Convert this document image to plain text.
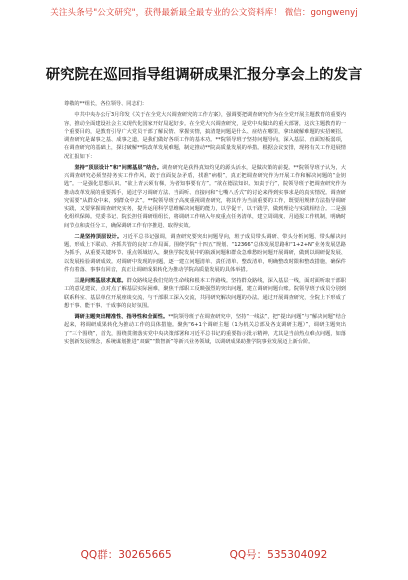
关注头条号"公文研究"，获得最新最全最专业的公文资料库！ 微信：gongwenyj
研究院在巡回指导组调研成果汇报分享会上的发言

尊敬的**组长，各位领导、同志们：

中共中央办公厅3月印发《关于在全党大兴调查研究的工作方案》，强调要把调查研究作为在全党开展主题教育的重要内容，推动全面建设社会主义现代化国家开好局起好步。在全党大兴调查研究，是党中央做出的重大部署，这次主题教育的一个重要目的，是教育引导广大党员干部了解民情、掌握实情，搞清楚问题是什么、症结在哪里，拿出破解难题的实招硬招。调查研究是谋事之基、成事之道，是我们做好各项工作的基本功。**院领导班子坚持问题导向，深入基层、直面短板弱项，在调查研究的基础上，探讨破解**院改革发展难题，制定推动**院高质量发展的举措。根据会议安排，现将有关工作进展情况汇报如下：

坚持“顶层设计”和“问需基层”结合。调查研究是获得真知灼见的源头活水，是做决策的前提。**院领导班子认为，大兴调查研究必须坚持务实工作作风，敢于直面复杂矛盾，找准“病根”，真正把调查研究作为开展工作和解决问题的“金钥匙”。一是强化思想认识。“欲上青云须有梯，为者知事要有方”。“欲在德法知识、知责于行”，院领导班子把调查研究作为推动改革发展的重要抓手，通过学习调研方法、当面听、直接问和“七嘴八舌式”的讨论来得到实事求是的真实情况。调查研究需要“从群众中来，到群众中去”。**院领导班子高度重视调查研究，将其作为当前重要的工作，既要用规律方法指导调研实践，又要掌握调查研究实务，提升运用科学思维解决问题的能力，以学促干，以干践学，做到理论与实践相结合。二是强化组织保障。党委书记、院长担任调研组组长，将调研工作纳入年度重点任务清单，建立周调度、月通报工作机制，明确时间节点和责任分工，确保调研工作有序推进、取得实效。

二是坚持顶层设计。习近平总书记强调，调查研究要突出问题导向，班子成员带头调研、带头分析问题、带头解决问题，形成上下联动、齐抓共管的良好工作局面。围绕学院“十四五”规划、“12366”总体发展思路和“1+2+N”业务发展思路为抓手，从重要关键环节、重点领域切入，聚焦学院发展中的瓶颈问题和群众急难愁盼问题开展调研，做到以调研促发展、以发展检验调研成效。对调研中发现的问题，逐一建立问题清单、责任清单、整改清单，明确整改时限和整改措施，确保件件有着落、事事有回音，真正让调研成果转化为推动学院高质量发展的具体举措。

三是问需基层求真意。群众路线是我们党的生命线和根本工作路线。坚持群众路线，深入基层一线，面对面听取干部职工的意见建议，点对点了解基层实际困难，聚焦干部职工反映强烈的突出问题，建立调研问题台账。院领导班子成员分别到联系科室、基层单位开展座谈交流，与干部职工深入交流，共同研究解决问题的办法。通过开展调查研究，全院上下形成了想干事、能干事、干成事的良好氛围。

调研主题突出精准性、指导性和全面性。**院领导班子在调查研究中，坚持“一线法”，把“提出问题”与“解决问题”结合起来，将调研成果转化为推动工作的具体措施。聚焦“6+1个调研主题（1为机关总部及各支调研主题）”，调研主题突出了“三个围绕”，首先，围绕贯彻落实党中央决策部署和习近平总书记的重要指示批示精神，尤其是当前热点难点问题，如落实创新发展理念，系统谋划推进“双碳”“数智新”等新兴业务领域，以调研成果助推学院事业发展迈上新台阶。

QQ群：30265665	QQ号：535304092
